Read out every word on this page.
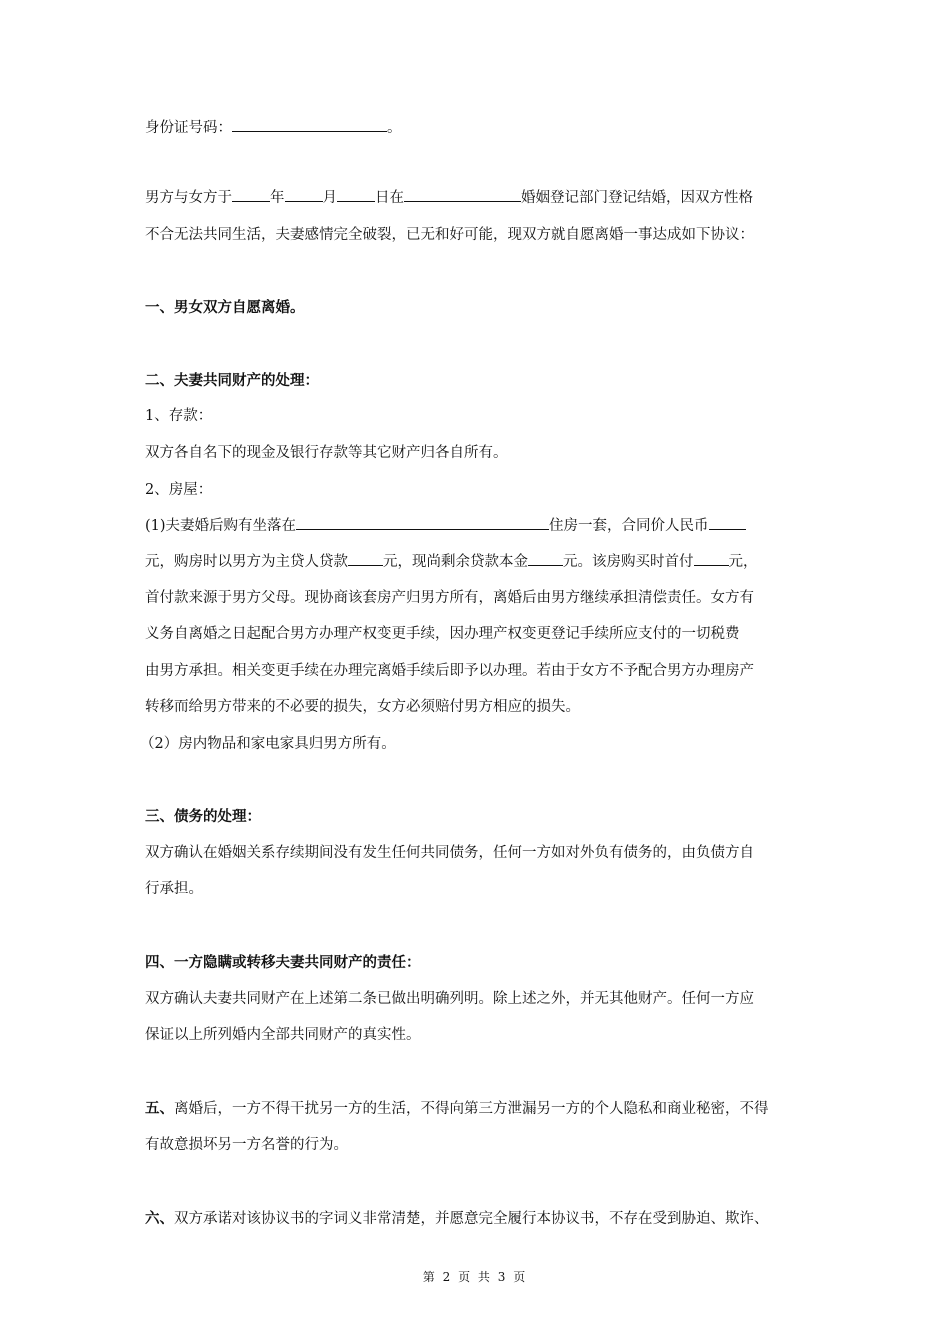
身份证号码：	。
男方与女方于	年	月	日在	婚姻登记部门登记结婚，因双方性格
不合无法共同生活，夫妻感情完全破裂，已无和好可能，现双方就自愿离婚一事达成如下协议：
一、男女双方自愿离婚。
二、夫妻共同财产的处理：
1、存款：
双方各自名下的现金及银行存款等其它财产归各自所有。
2、房屋：
(1)夫妻婚后购有坐落在	住房一套，合同价人民币
元，购房时以男方为主贷人贷款 元，现尚剩余贷款本金 元。该房购买时首付 元，
首付款来源于男方父母。现协商该套房产归男方所有，离婚后由男方继续承担清偿责任。女方有
义务自离婚之日起配合男方办理产权变更手续，因办理产权变更登记手续所应支付的一切税费
由男方承担。相关变更手续在办理完离婚手续后即予以办理。若由于女方不予配合男方办理房产
转移而给男方带来的不必要的损失，女方必须赔付男方相应的损失。
（2）房内物品和家电家具归男方所有。
三、债务的处理：
双方确认在婚姻关系存续期间没有发生任何共同债务，任何一方如对外负有债务的，由负债方自
行承担。
四、一方隐瞒或转移夫妻共同财产的责任：
双方确认夫妻共同财产在上述第二条已做出明确列明。除上述之外，并无其他财产。任何一方应
保证以上所列婚内全部共同财产的真实性。
五、离婚后，一方不得干扰另一方的生活，不得向第三方泄漏另一方的个人隐私和商业秘密，不得
有故意损坏另一方名誉的行为。
六、双方承诺对该协议书的字词义非常清楚，并愿意完全履行本协议书，不存在受到胁迫、欺诈、
第 2 页 共 3 页
